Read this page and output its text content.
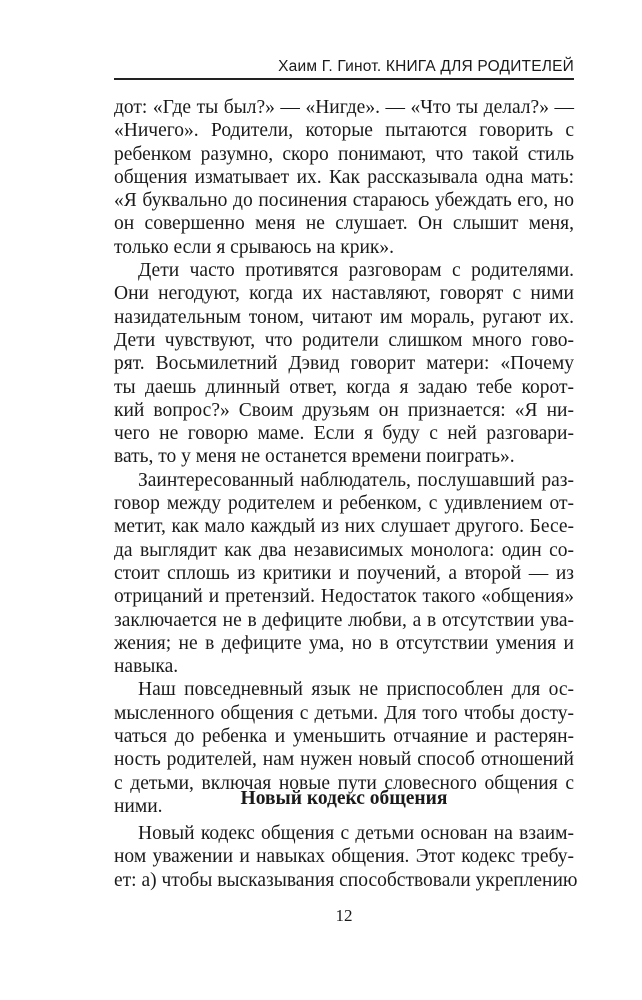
Хаим Г. Гинот. КНИГА ДЛЯ РОДИТЕЛЕЙ
дот: «Где ты был?» — «Нигде». — «Что ты делал?» —
«Ничего». Родители, которые пытаются говорить с
ребенком разумно, скоро понимают, что такой стиль
общения изматывает их. Как рассказывала одна мать:
«Я буквально до посинения стараюсь убеждать его, но
он совершенно меня не слушает. Он слышит меня,
только если я срываюсь на крик».
Дети часто противятся разговорам с родителями.
Они негодуют, когда их наставляют, говорят с ними
назидательным тоном, читают им мораль, ругают их.
Дети чувствуют, что родители слишком много гово-
рят. Восьмилетний Дэвид говорит матери: «Почему
ты даешь длинный ответ, когда я задаю тебе корот-
кий вопрос?» Своим друзьям он признается: «Я ни-
чего не говорю маме. Если я буду с ней разговари-
вать, то у меня не останется времени поиграть».
Заинтересованный наблюдатель, послушавший раз-
говор между родителем и ребенком, с удивлением от-
метит, как мало каждый из них слушает другого. Бесе-
да выглядит как два независимых монолога: один со-
стоит сплошь из критики и поучений, а второй — из
отрицаний и претензий. Недостаток такого «общения»
заключается не в дефиците любви, а в отсутствии ува-
жения; не в дефиците ума, но в отсутствии умения и
навыка.
Наш повседневный язык не приспособлен для ос-
мысленного общения с детьми. Для того чтобы досту-
чаться до ребенка и уменьшить отчаяние и растерян-
ность родителей, нам нужен новый способ отношений
с детьми, включая новые пути словесного общения с
ними.	Новый кодекс общения
Новый кодекс общения с детьми основан на взаим-
ном уважении и навыках общения. Этот кодекс требу-
ет: а) чтобы высказывания способствовали укреплению
12
